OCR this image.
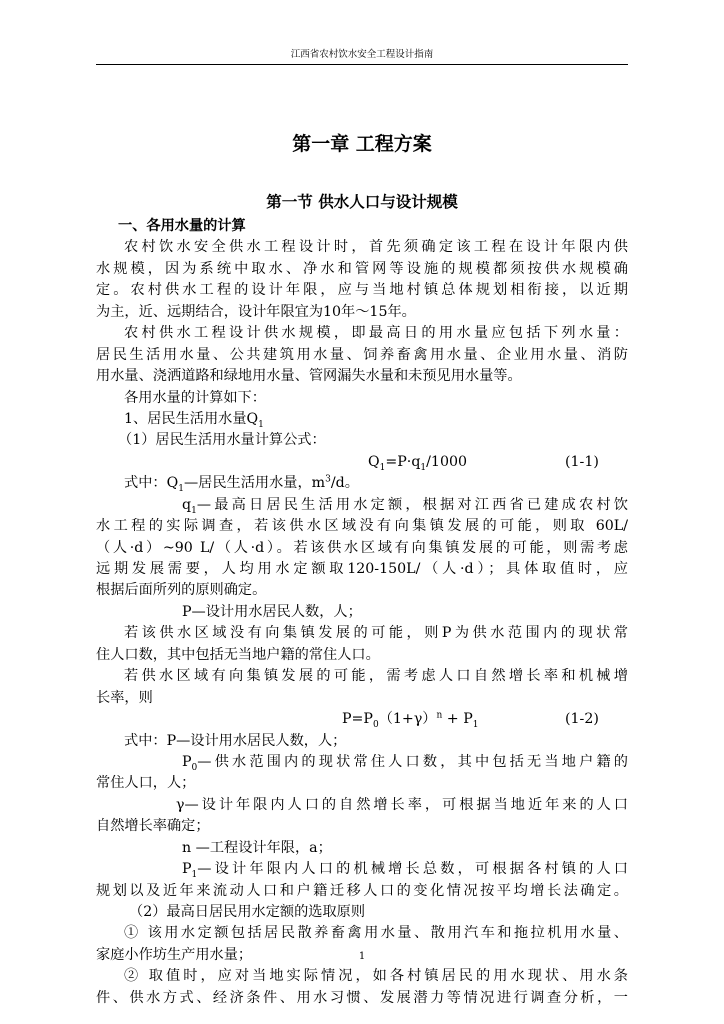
江西省农村饮水安全工程设计指南
第一章 工程方案
第一节 供水人口与设计规模
一、各用水量的计算
农村饮水安全供水工程设计时，首先须确定该工程在设计年限内供
水规模，因为系统中取水、净水和管网等设施的规模都须按供水规模确
定。农村供水工程的设计年限，应与当地村镇总体规划相衔接，以近期
为主，近、远期结合，设计年限宜为10年～15年。
农村供水工程设计供水规模，即最高日的用水量应包括下列水量：
居民生活用水量、公共建筑用水量、饲养畜禽用水量、企业用水量、消防
用水量、浇洒道路和绿地用水量、管网漏失水量和未预见用水量等。
各用水量的计算如下：
1、居民生活用水量$Q_1$
（1）居民生活用水量计算公式：
$Q_1=P\cdot q_1/1000$	(1-1)
式中：$Q_1—$居民生活用水量，$m^3/d$。
$q_1—$最高日居民生活用水定额，根据对江西省已建成农村饮
水工程的实际调查，若该供水区域没有向集镇发展的可能，则取 60L/
（人·d）~90 L/（人·d）。若该供水区域有向集镇发展的可能，则需考虑
远期发展需要，人均用水定额取120-150L/（人·d）；具体取值时，应
根据后面所列的原则确定。
P—设计用水居民人数，人；
若该供水区域没有向集镇发展的可能，则P为供水范围内的现状常
住人口数，其中包括无当地户籍的常住人口。
若供水区域有向集镇发展的可能，需考虑人口自然增长率和机械增
长率，则
$P=P_0(1+\gamma)^n + P_1$	(1-2)
式中：P—设计用水居民人数，人；
$P_0—$供水范围内的现状常住人口数，其中包括无当地户籍的
常住人口，人；
γ—设计年限内人口的自然增长率，可根据当地近年来的人口
自然增长率确定；
n —工程设计年限，a；
$P_1—$设计年限内人口的机械增长总数，可根据各村镇的人口
规划以及近年来流动人口和户籍迁移人口的变化情况按平均增长法确定。
（2）最高日居民用水定额的选取原则
① 该用水定额包括居民散养畜禽用水量、散用汽车和拖拉机用水量、
家庭小作坊生产用水量；
② 取值时，应对当地实际情况，如各村镇居民的用水现状、用水条
件、供水方式、经济条件、用水习惯、发展潜力等情况进行调查分析，一
1
